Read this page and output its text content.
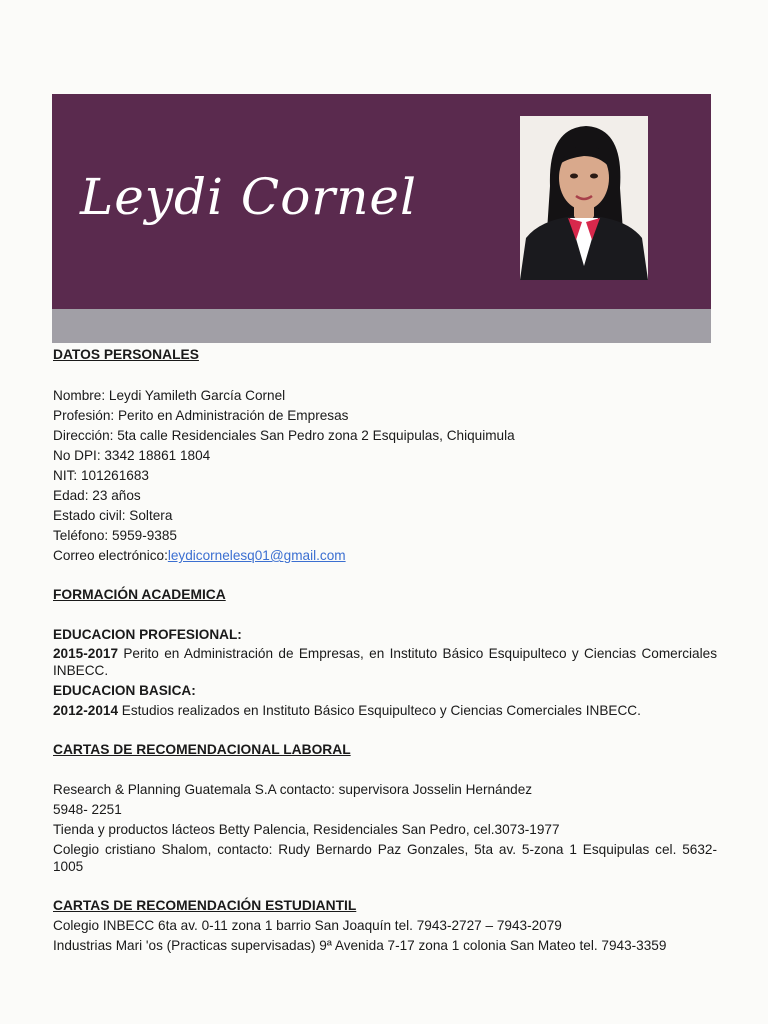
Leydi Cornel
DATOS PERSONALES
Nombre: Leydi Yamileth García Cornel
Profesión: Perito en Administración de Empresas
Dirección: 5ta calle Residenciales San Pedro zona 2 Esquipulas, Chiquimula
No DPI: 3342 18861 1804
NIT: 101261683
Edad: 23 años
Estado civil: Soltera
Teléfono: 5959-9385
Correo electrónico:leydicornelesq01@gmail.com
FORMACIÓN ACADEMICA
EDUCACION PROFESIONAL:
2015-2017 Perito en Administración de Empresas, en Instituto Básico Esquipulteco y Ciencias Comerciales INBECC.
EDUCACION BASICA:
2012-2014 Estudios realizados en Instituto Básico Esquipulteco y Ciencias Comerciales INBECC.
CARTAS DE RECOMENDACIONAL LABORAL
Research & Planning Guatemala S.A contacto: supervisora Josselin Hernández
5948- 2251
Tienda y productos lácteos Betty Palencia, Residenciales San Pedro, cel.3073-1977
Colegio cristiano Shalom, contacto: Rudy Bernardo Paz Gonzales, 5ta av. 5-zona 1 Esquipulas cel. 5632-1005
CARTAS DE RECOMENDACIÓN ESTUDIANTIL
Colegio INBECC 6ta av. 0-11 zona 1 barrio San Joaquín tel. 7943-2727 – 7943-2079
Industrias Mari 'os (Practicas supervisadas) 9ª Avenida 7-17 zona 1 colonia San Mateo tel. 7943-3359
